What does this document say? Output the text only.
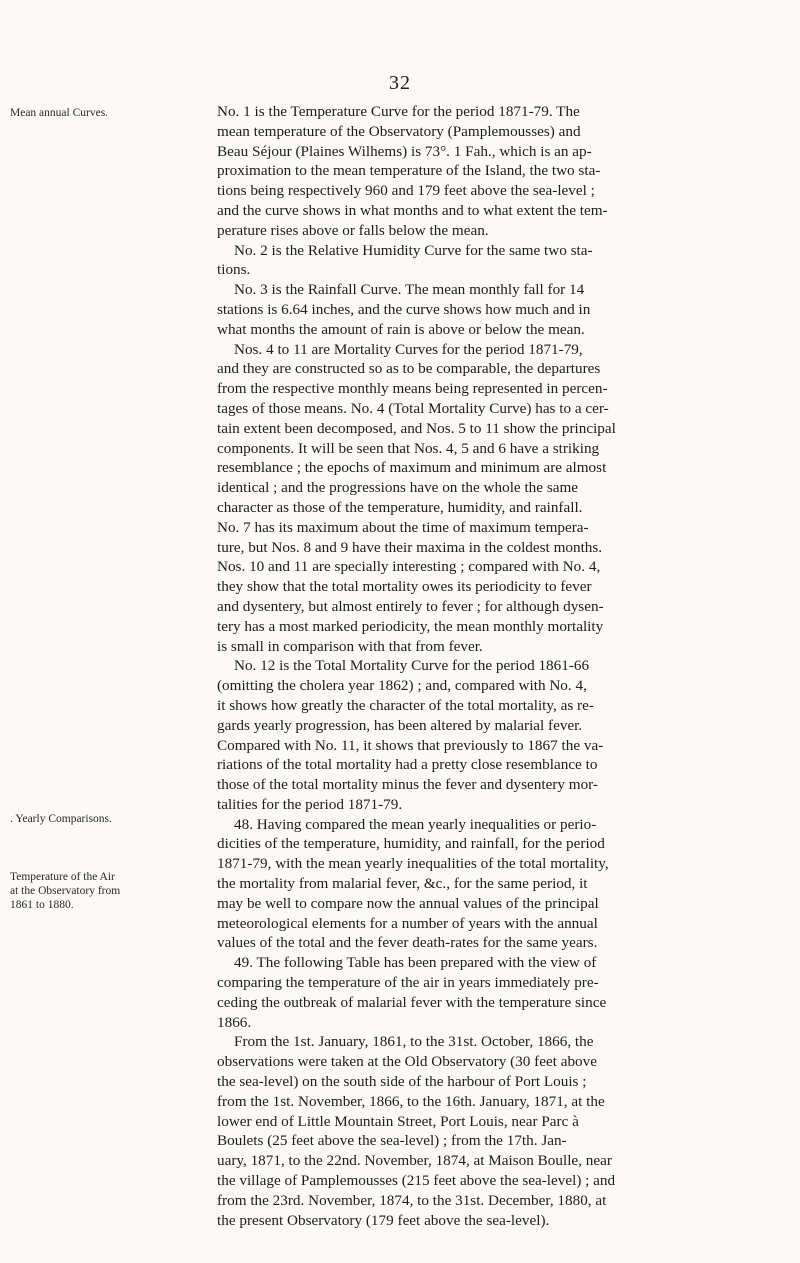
32
Mean annual Curves.
. Yearly Comparisons.
Temperature of the Air
at the Observatory from
1861 to 1880.
No. 1 is the Temperature Curve for the period 1871-79. The
mean temperature of the Observatory (Pamplemousses) and
Beau Séjour (Plaines Wilhems) is 73°. 1 Fah., which is an ap-
proximation to the mean temperature of the Island, the two sta-
tions being respectively 960 and 179 feet above the sea-level ;
and the curve shows in what months and to what extent the tem-
perature rises above or falls below the mean.
No. 2 is the Relative Humidity Curve for the same two sta-
tions.
No. 3 is the Rainfall Curve. The mean monthly fall for 14
stations is 6.64 inches, and the curve shows how much and in
what months the amount of rain is above or below the mean.
Nos. 4 to 11 are Mortality Curves for the period 1871-79,
and they are constructed so as to be comparable, the departures
from the respective monthly means being represented in percen-
tages of those means. No. 4 (Total Mortality Curve) has to a cer-
tain extent been decomposed, and Nos. 5 to 11 show the principal
components. It will be seen that Nos. 4, 5 and 6 have a striking
resemblance ; the epochs of maximum and minimum are almost
identical ; and the progressions have on the whole the same
character as those of the temperature, humidity, and rainfall.
No. 7 has its maximum about the time of maximum tempera-
ture, but Nos. 8 and 9 have their maxima in the coldest months.
Nos. 10 and 11 are specially interesting ; compared with No. 4,
they show that the total mortality owes its periodicity to fever
and dysentery, but almost entirely to fever ; for although dysen-
tery has a most marked periodicity, the mean monthly mortality
is small in comparison with that from fever.
No. 12 is the Total Mortality Curve for the period 1861-66
(omitting the cholera year 1862) ; and, compared with No. 4,
it shows how greatly the character of the total mortality, as re-
gards yearly progression, has been altered by malarial fever.
Compared with No. 11, it shows that previously to 1867 the va-
riations of the total mortality had a pretty close resemblance to
those of the total mortality minus the fever and dysentery mor-
talities for the period 1871-79.
48. Having compared the mean yearly inequalities or perio-
dicities of the temperature, humidity, and rainfall, for the period
1871-79, with the mean yearly inequalities of the total mortality,
the mortality from malarial fever, &c., for the same period, it
may be well to compare now the annual values of the principal
meteorological elements for a number of years with the annual
values of the total and the fever death-rates for the same years.
49. The following Table has been prepared with the view of
comparing the temperature of the air in years immediately pre-
ceding the outbreak of malarial fever with the temperature since
1866.
From the 1st. January, 1861, to the 31st. October, 1866, the
observations were taken at the Old Observatory (30 feet above
the sea-level) on the south side of the harbour of Port Louis ;
from the 1st. November, 1866, to the 16th. January, 1871, at the
lower end of Little Mountain Street, Port Louis, near Parc à
Boulets (25 feet above the sea-level) ; from the 17th. Jan-
uary, 1871, to the 22nd. November, 1874, at Maison Boulle, near
the village of Pamplemousses (215 feet above the sea-level) ; and
from the 23rd. November, 1874, to the 31st. December, 1880, at
the present Observatory (179 feet above the sea-level).
